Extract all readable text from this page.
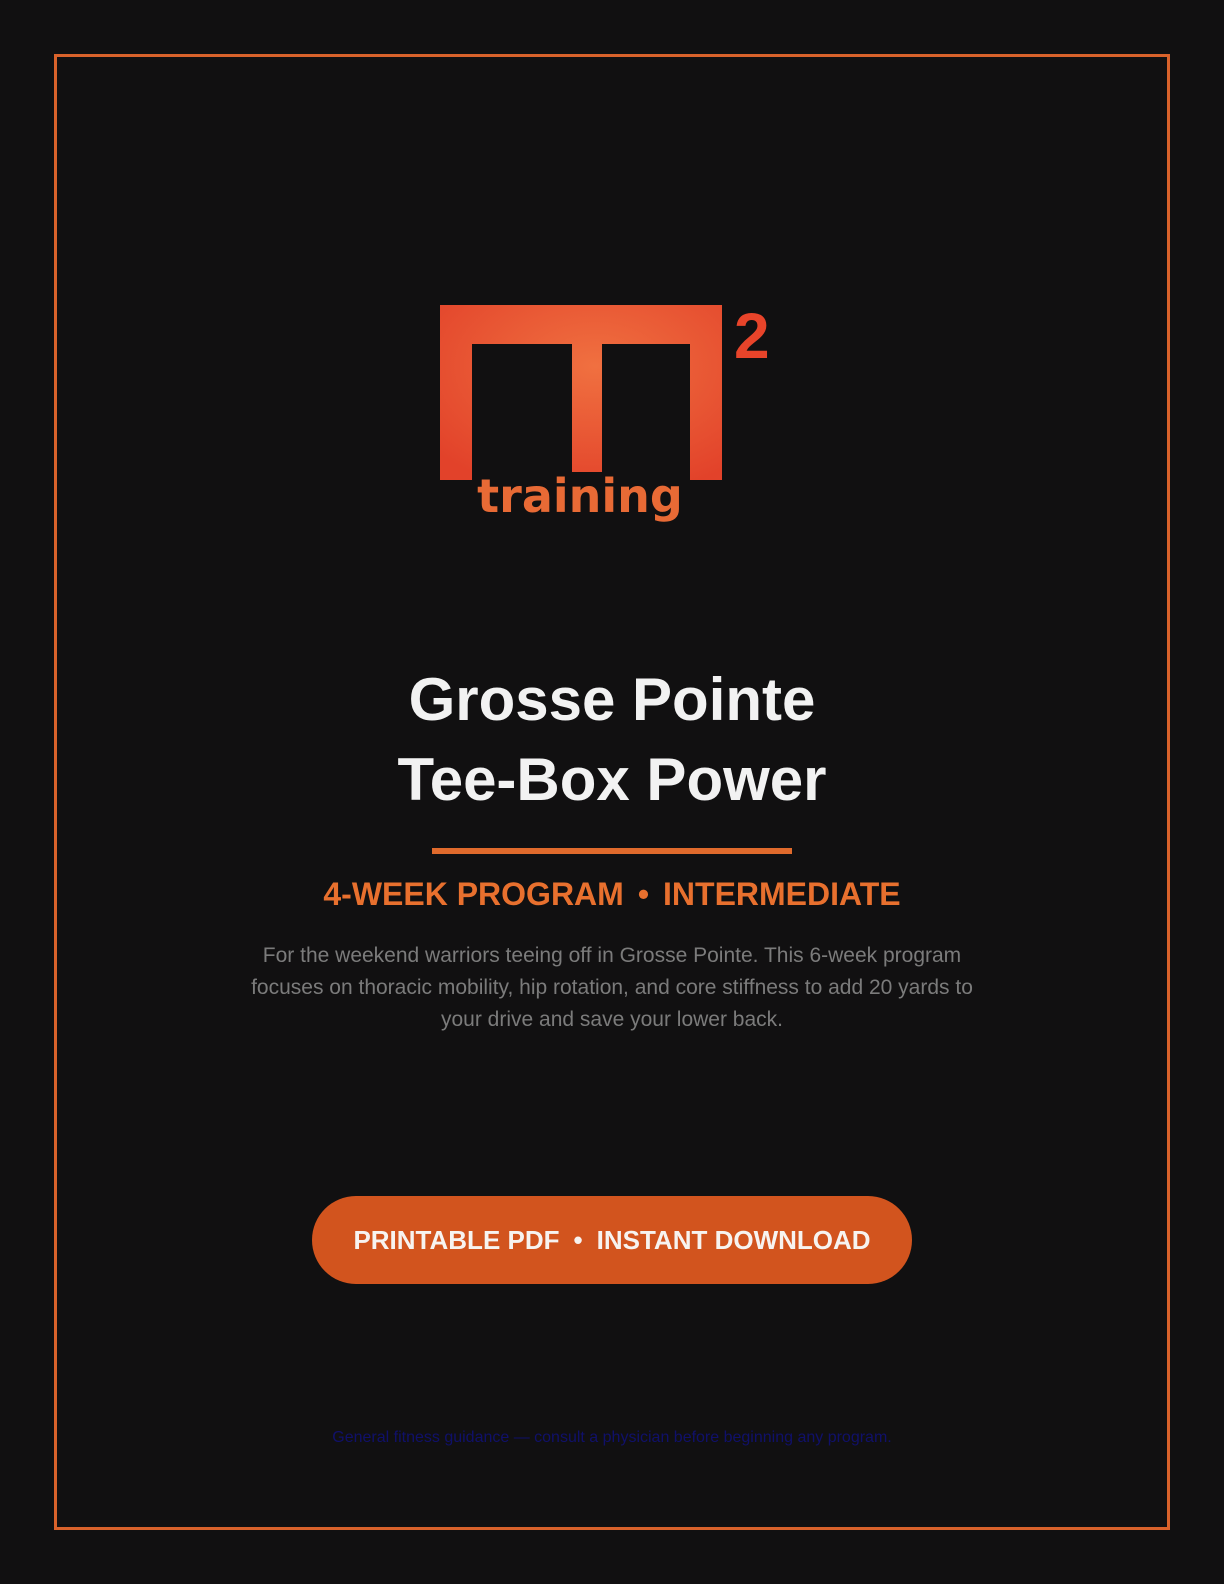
2
training
Grosse Pointe
Tee-Box Power
4-WEEK PROGRAM • INTERMEDIATE
For the weekend warriors teeing off in Grosse Pointe. This 6-week program focuses on thoracic mobility, hip rotation, and core stiffness to add 20 yards to your drive and save your lower back.
PRINTABLE PDF • INSTANT DOWNLOAD
General fitness guidance — consult a physician before beginning any program.
